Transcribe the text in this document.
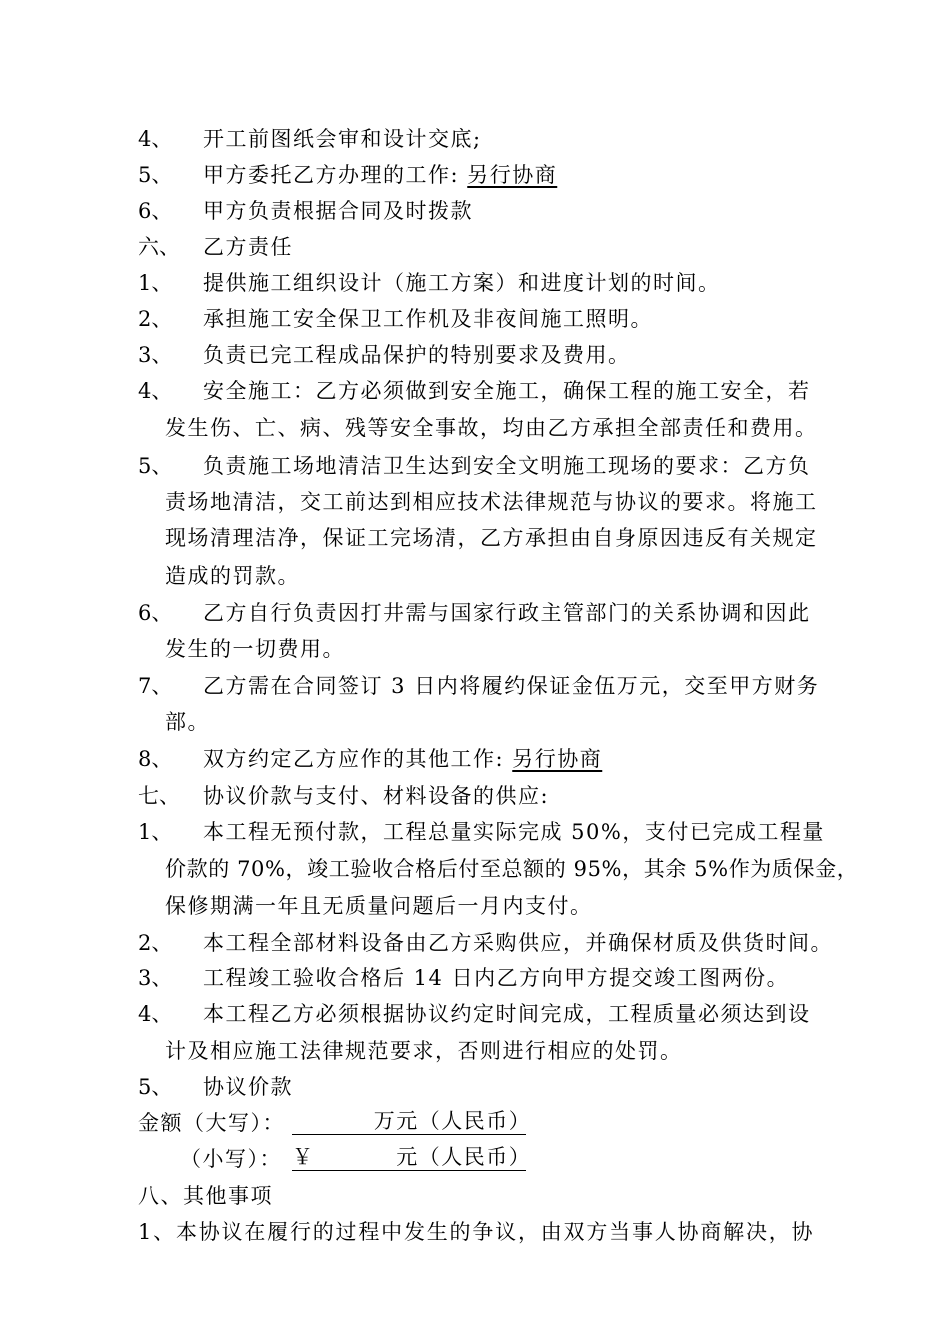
4、 开工前图纸会审和设计交底;
5、 甲方委托乙方办理的工作: 另行协商
6、 甲方负责根据合同及时拨款
六、 乙方责任
1、 提供施工组织设计（施工方案）和进度计划的时间。
2、 承担施工安全保卫工作机及非夜间施工照明。
3、 负责已完工程成品保护的特别要求及费用。
4、 安全施工：乙方必须做到安全施工，确保工程的施工安全，若
发生伤、亡、病、残等安全事故，均由乙方承担全部责任和费用。
5、 负责施工场地清洁卫生达到安全文明施工现场的要求：乙方负
责场地清洁，交工前达到相应技术法律规范与协议的要求。将施工
现场清理洁净，保证工完场清，乙方承担由自身原因违反有关规定
造成的罚款。
6、 乙方自行负责因打井需与国家行政主管部门的关系协调和因此
发生的一切费用。
7、 乙方需在合同签订 3 日内将履约保证金伍万元，交至甲方财务
部。
8、 双方约定乙方应作的其他工作: 另行协商
七、 协议价款与支付、材料设备的供应:
1、 本工程无预付款，工程总量实际完成 50%，支付已完成工程量
价款的 70%，竣工验收合格后付至总额的 95%，其余 5%作为质保金，
保修期满一年且无质量问题后一月内支付。
2、 本工程全部材料设备由乙方采购供应，并确保材质及供货时间。
3、 工程竣工验收合格后 14 日内乙方向甲方提交竣工图两份。
4、 本工程乙方必须根据协议约定时间完成，工程质量必须达到设
计及相应施工法律规范要求，否则进行相应的处罚。
5、 协议价款
金额（大写）： 万元（人民币）
（小写）： ￥          元（人民币）
八、其他事项
1、本协议在履行的过程中发生的争议，由双方当事人协商解决，协
